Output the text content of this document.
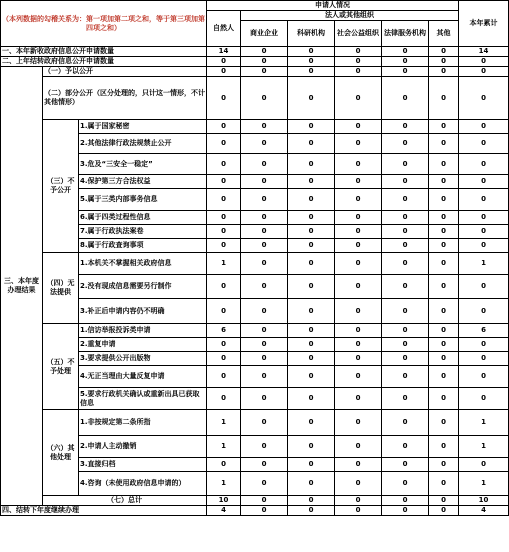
（本列数据的勾稽关系为：第一项加第二项之和，等于第三项加第四项之和）			申请人情况						本年累计
			自然人	法人或其他组织					
				商业企业	科研机构	社会公益组织	法律服务机构	其他	
一、本年新收政府信息公开申请数量			14	0	0	0	0	0	14
二、上年结转政府信息公开申请数量			0	0	0	0	0	0	0
三、本年度办理结果	（一）予以公开		0	0	0	0	0	0	0
	（二）部分公开（区分处理的，只计这一情形，不计其他情形）		0	0	0	0	0	0	0
	（三）不予公开	1.属于国家秘密	0	0	0	0	0	0	0
		2.其他法律行政法规禁止公开	0	0	0	0	0	0	0
		3.危及“三安全一稳定”	0	0	0	0	0	0	0
		4.保护第三方合法权益	0	0	0	0	0	0	0
		5.属于三类内部事务信息	0	0	0	0	0	0	0
		6.属于四类过程性信息	0	0	0	0	0	0	0
		7.属于行政执法案卷	0	0	0	0	0	0	0
		8.属于行政查询事项	0	0	0	0	0	0	0
	（四）无法提供	1.本机关不掌握相关政府信息	1	0	0	0	0	0	1
		2.没有现成信息需要另行制作	0	0	0	0	0	0	0
		3.补正后申请内容仍不明确	0	0	0	0	0	0	0
	（五）不予处理	1.信访举报投诉类申请	6	0	0	0	0	0	6
		2.重复申请	0	0	0	0	0	0	0
		3.要求提供公开出版物	0	0	0	0	0	0	0
		4.无正当理由大量反复申请	0	0	0	0	0	0	0
		5.要求行政机关确认或重新出具已获取信息	0	0	0	0	0	0	0
	（六）其他处理	1.非按规定第二条所指	1	0	0	0	0	0	1
		2.申请人主动撤销	1	0	0	0	0	0	1
		3.直接归档	0	0	0	0	0	0	0
		4.咨询（未使用政府信息申请的）	1	0	0	0	0	0	1
	（七）总计		10	0	0	0	0	0	10
四、结转下年度继续办理			4	0	0	0	0	0	4
